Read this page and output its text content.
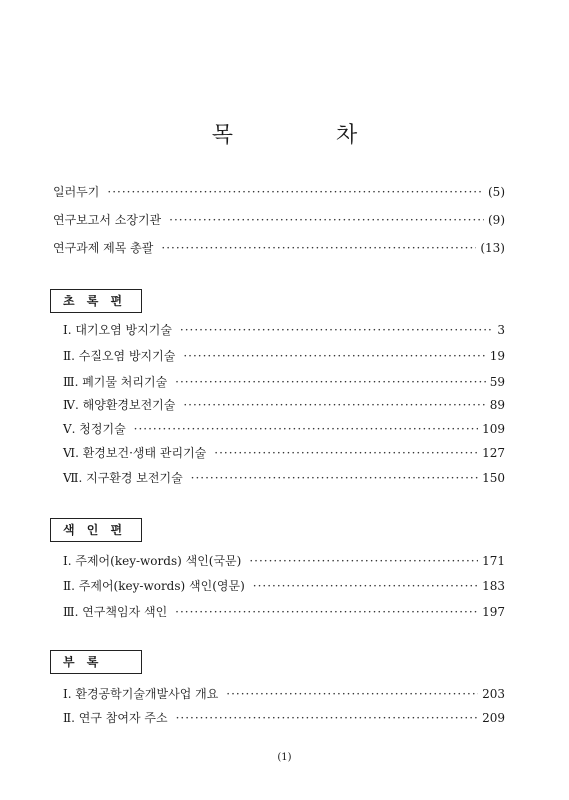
목 차
일러두기 ·····	(5)
연구보고서 소장기관 ·····	(9)
연구과제 제목 총괄 ·····	(13)
초 록 편
Ⅰ. 대기오염 방지기술 ·····	3
Ⅱ. 수질오염 방지기술 ·····	19
Ⅲ. 폐기물 처리기술 ·····	59
Ⅳ. 해양환경보전기술 ·····	89
Ⅴ. 청정기술 ·····	109
Ⅵ. 환경보건·생태 관리기술 ·····	127
Ⅶ. 지구환경 보전기술 ·····	150
색 인 편
Ⅰ. 주제어(key-words) 색인(국문) ·····	171
Ⅱ. 주제어(key-words) 색인(영문) ·····	183
Ⅲ. 연구책임자 색인 ·····	197
부 록
Ⅰ. 환경공학기술개발사업 개요 ·····	203
Ⅱ. 연구 참여자 주소 ·····	209
(1)
